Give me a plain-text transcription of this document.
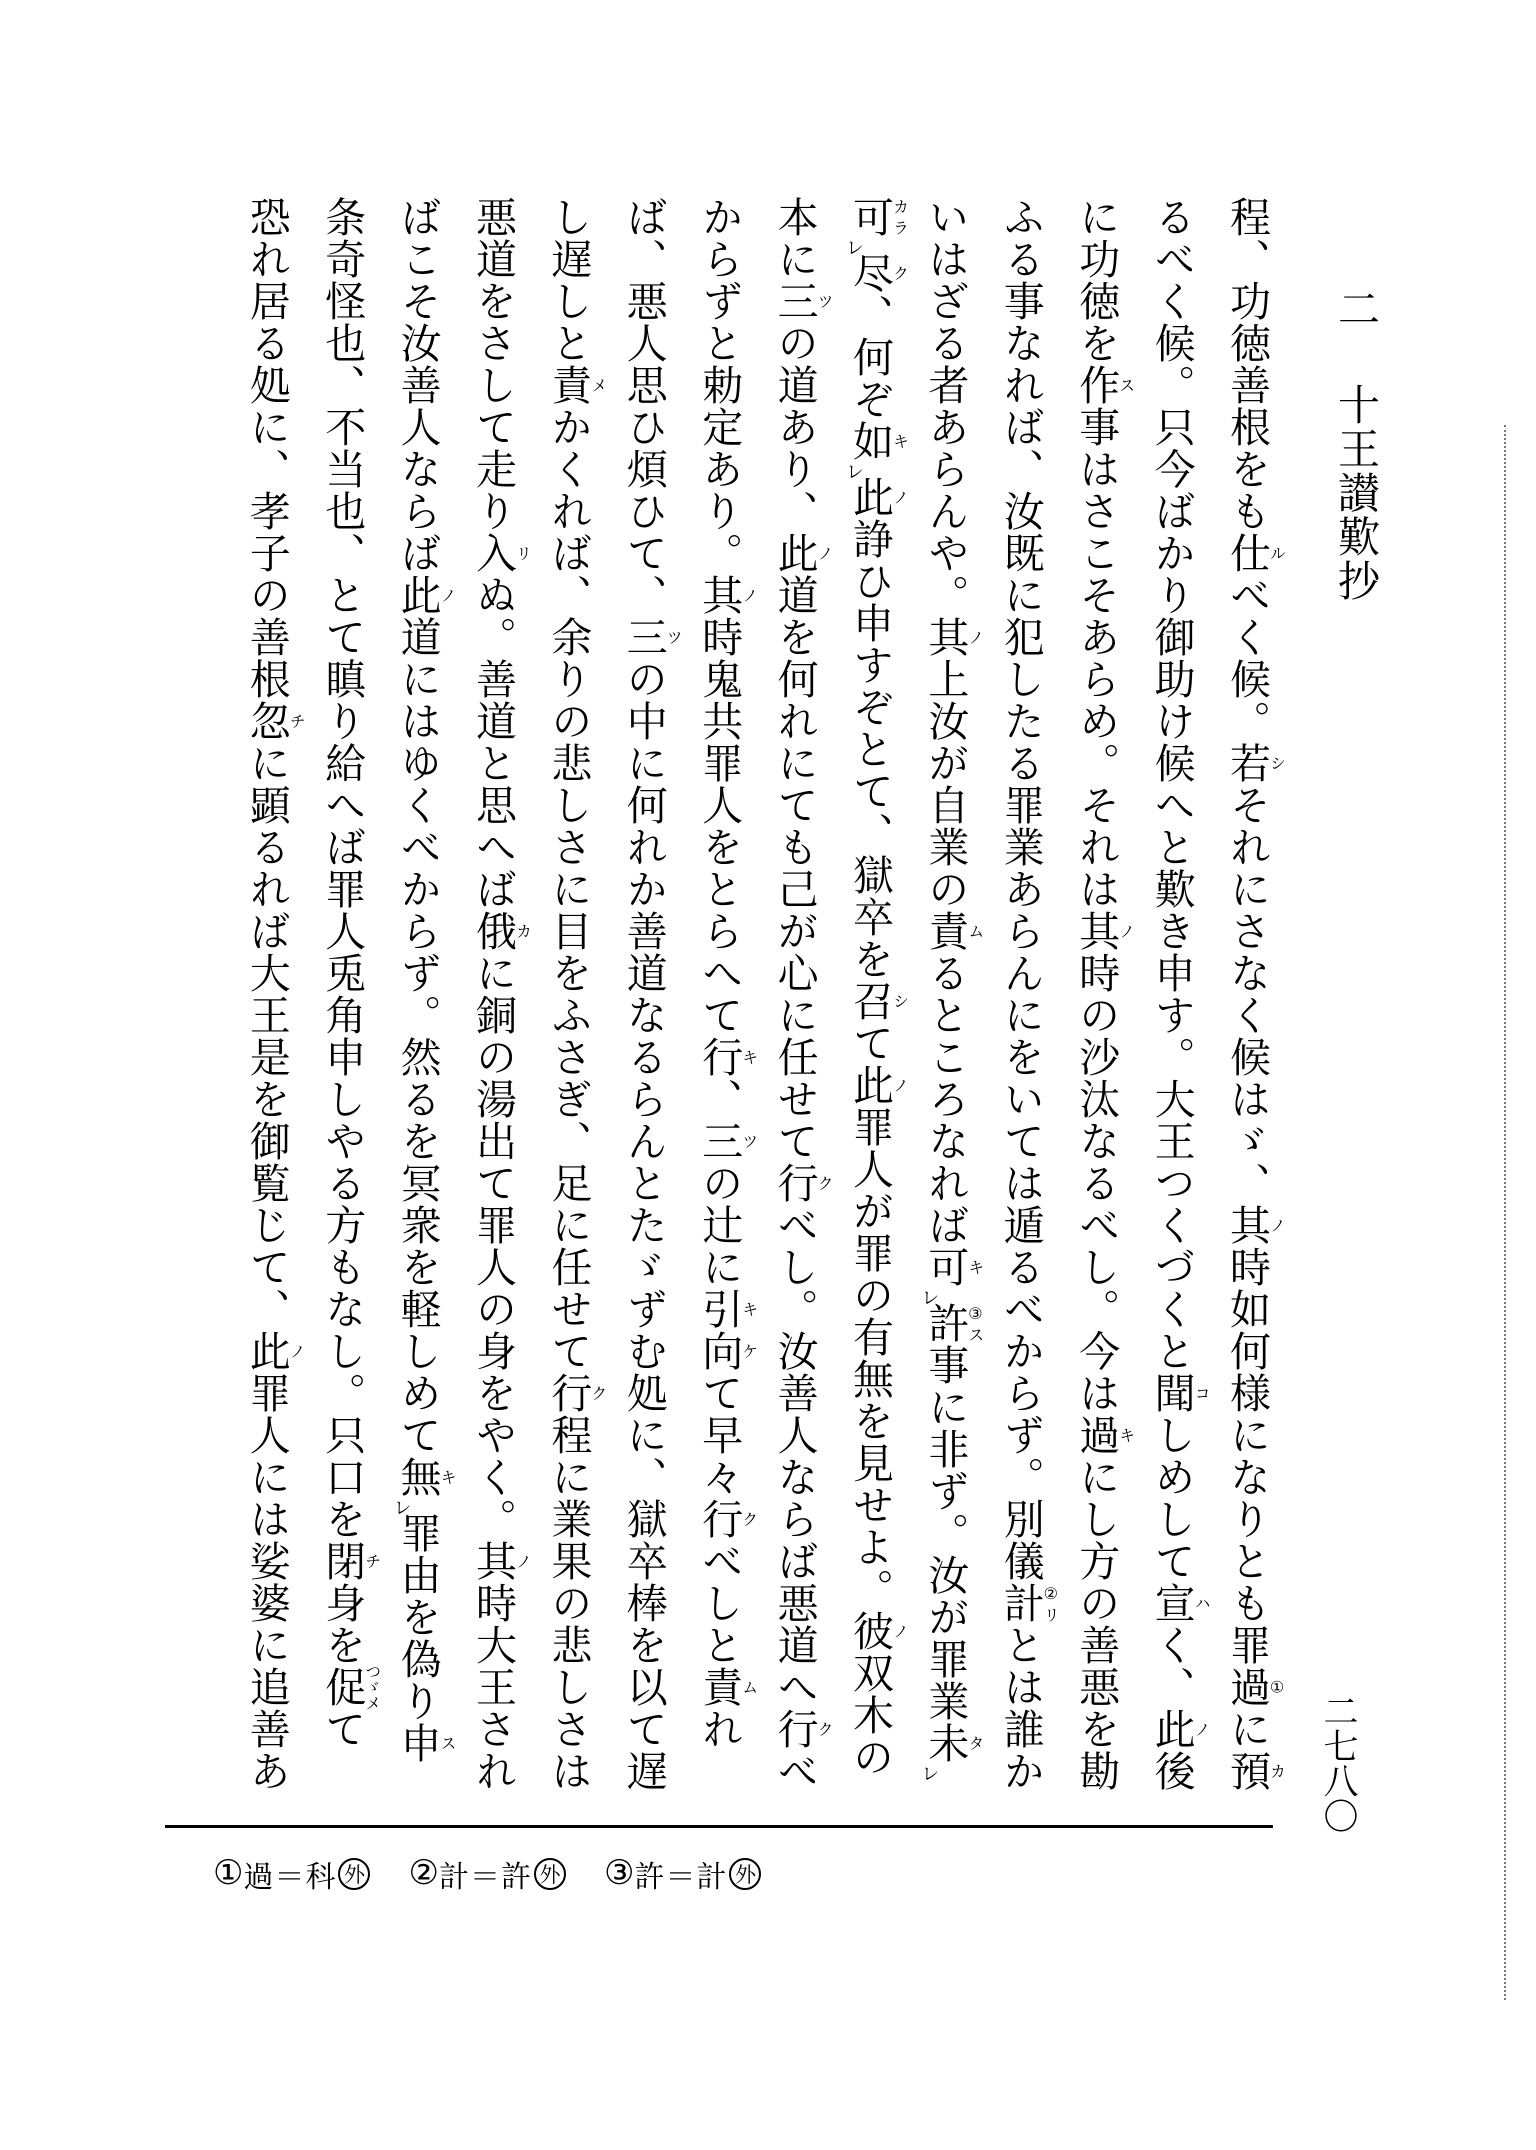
二十王讃歎抄
程、功徳善根をも仕ルべく候。若シそれにさなく候はゞ、其ノ時如何様になりとも罪過①に預カ
るべく候。只今ばかり御助け候へと歎き申す。大王つくづくと聞コしめして宣ハく、此ノ後
に功徳を作ス事はさこそあらめ。それは其ノ時の沙汰なるべし。今は過キにし方の善悪を勘
ふる事なれば、汝既に犯したる罪業あらんにをいては遁るべからず。別儀計②リとは誰か
いはざる者あらんや。其ノ上汝が自業の責ムるところなれば可キレ許③ス事に非ず。汝が罪業未タレ
可カラレ尽ク、何ぞ如キレ此ノ諍ひ申すぞとて、獄卒を召シて此ノ罪人が罪の有無を見せよ。彼ノ双木の
本に三ツの道あり、此ノ道を何れにても己が心に任せて行クべし。汝善人ならば悪道へ行クべ
からずと勅定あり。其ノ時鬼共罪人をとらへて行キ、三ツの辻に引キ向ケて早々行クべしと責ムれ
ば、悪人思ひ煩ひて、三ツの中に何れか善道なるらんとたゞずむ処に、獄卒棒を以て遅
し遅しと責メかくれば、余りの悲しさに目をふさぎ、足に任せて行ク程に業果の悲しさは
悪道をさして走り入リぬ。善道と思へば俄カに銅の湯出て罪人の身をやく。其ノ時大王され
ばこそ汝善人ならば此ノ道にはゆくべからず。然るを冥衆を軽しめて無キレ罪由を偽り申ス
条奇怪也、不当也、とて瞋り給へば罪人兎角申しやる方もなし。只口を閉チ身を促つゞメて
恐れ居る処に、孝子の善根忽チに顕るれば大王是を御覧じて、此ノ罪人には娑婆に追善あ	二七八〇
① 過＝科 外 ② 計＝許 外 ③ 許＝計 外
